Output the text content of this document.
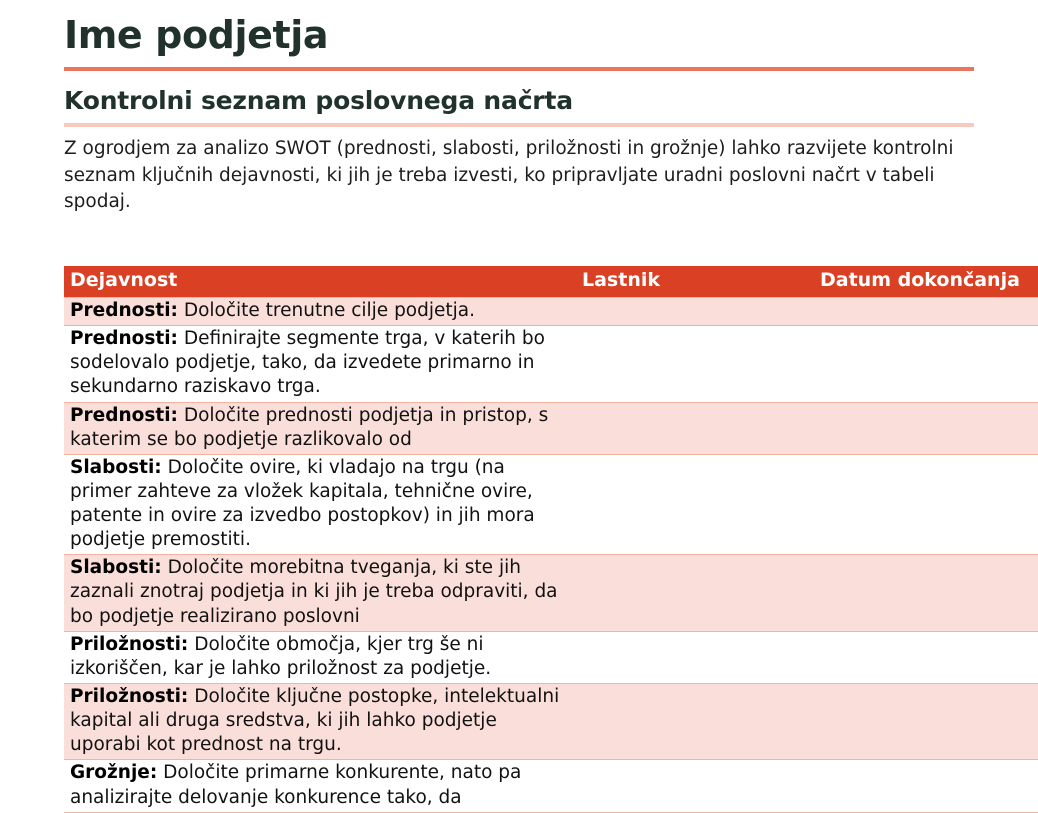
Ime podjetja
Kontrolni seznam poslovnega načrta

Z ogrodjem za analizo SWOT (prednosti, slabosti, priložnosti in grožnje) lahko razvijete kontrolni seznam ključnih dejavnosti, ki jih je treba izvesti, ko pripravljate uradni poslovni načrt v tabeli spodaj.

Dejavnost	Lastnik	Datum dokončanja
Prednosti: Določite trenutne cilje podjetja.		
Prednosti: Definirajte segmente trga, v katerih bo sodelovalo podjetje, tako, da izvedete primarno in sekundarno raziskavo trga.		
Prednosti: Določite prednosti podjetja in pristop, s katerim se bo podjetje razlikovalo od		
Slabosti: Določite ovire, ki vladajo na trgu (na primer zahteve za vložek kapitala, tehnične ovire, patente in ovire za izvedbo postopkov) in jih mora podjetje premostiti.		
Slabosti: Določite morebitna tveganja, ki ste jih zaznali znotraj podjetja in ki jih je treba odpraviti, da bo podjetje realizirano poslovni		
Priložnosti: Določite območja, kjer trg še ni izkoriščen, kar je lahko priložnost za podjetje.		
Priložnosti: Določite ključne postopke, intelektualni kapital ali druga sredstva, ki jih lahko podjetje uporabi kot prednost na trgu.		
Grožnje: Določite primarne konkurente, nato pa analizirajte delovanje konkurence tako, da		
